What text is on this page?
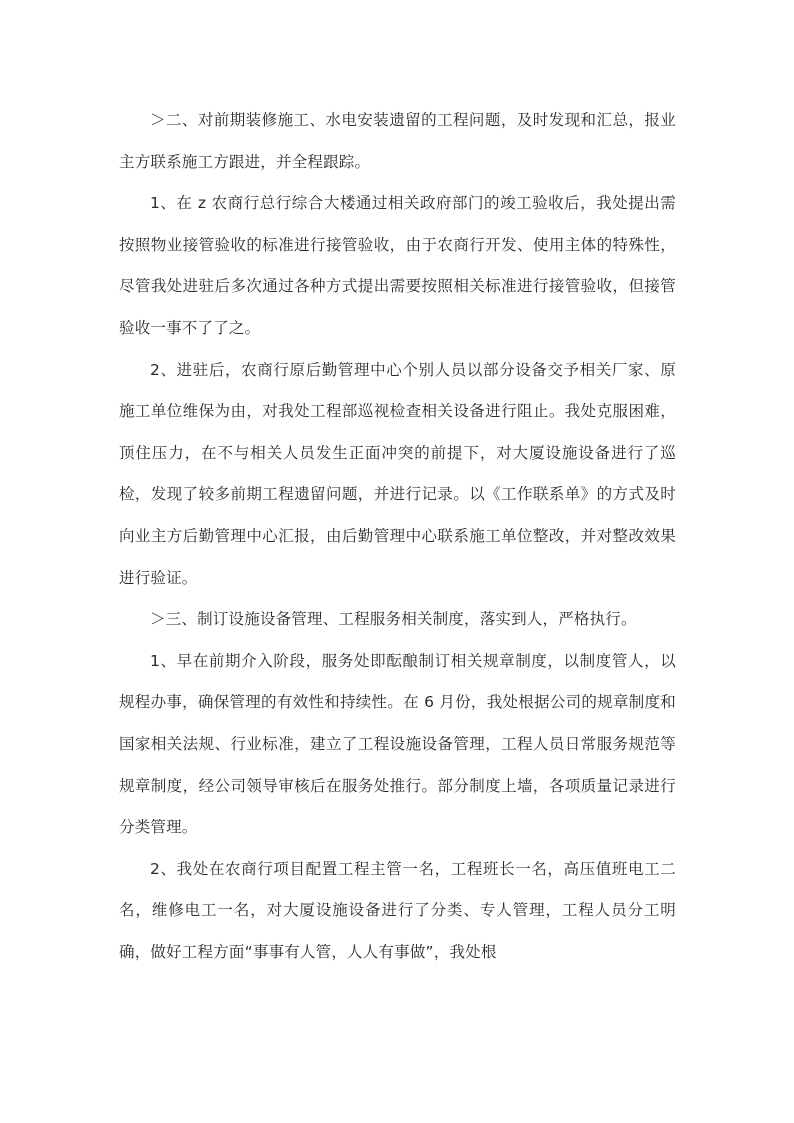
＞二、对前期装修施工、水电安装遗留的工程问题，及时发现和汇总，报业主方联系施工方跟进，并全程跟踪。

1、在 z 农商行总行综合大楼通过相关政府部门的竣工验收后，我处提出需按照物业接管验收的标准进行接管验收，由于农商行开发、使用主体的特殊性，尽管我处进驻后多次通过各种方式提出需要按照相关标准进行接管验收，但接管验收一事不了了之。

2、进驻后，农商行原后勤管理中心个别人员以部分设备交予相关厂家、原施工单位维保为由，对我处工程部巡视检查相关设备进行阻止。我处克服困难，顶住压力，在不与相关人员发生正面冲突的前提下，对大厦设施设备进行了巡检，发现了较多前期工程遗留问题，并进行记录。以《工作联系单》的方式及时向业主方后勤管理中心汇报，由后勤管理中心联系施工单位整改，并对整改效果进行验证。

＞三、制订设施设备管理、工程服务相关制度，落实到人，严格执行。

1、早在前期介入阶段，服务处即酝酿制订相关规章制度，以制度管人，以规程办事，确保管理的有效性和持续性。在 6 月份，我处根据公司的规章制度和国家相关法规、行业标准，建立了工程设施设备管理，工程人员日常服务规范等规章制度，经公司领导审核后在服务处推行。部分制度上墙，各项质量记录进行分类管理。

2、我处在农商行项目配置工程主管一名，工程班长一名，高压值班电工二名，维修电工一名，对大厦设施设备进行了分类、专人管理，工程人员分工明确，做好工程方面“事事有人管，人人有事做”，我处根
